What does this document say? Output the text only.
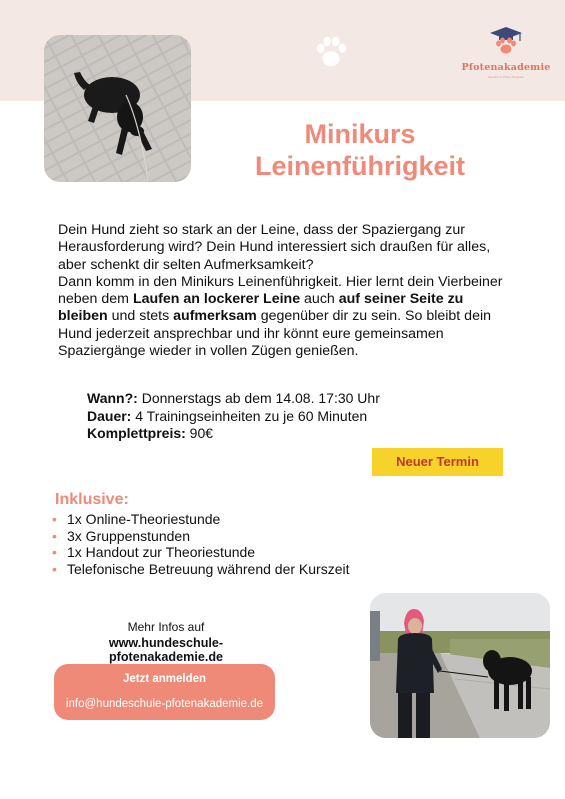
Pfotenakademie
Schulen in Pfoten Begleiter
Minikurs
Leinenführigkeit

Dein Hund zieht so stark an der Leine, dass der Spaziergang zur Herausforderung wird? Dein Hund interessiert sich draußen für alles, aber schenkt dir selten Aufmerksamkeit?

Dann komm in den Minikurs Leinenführigkeit. Hier lernt dein Vierbeiner neben dem Laufen an lockerer Leine auch auf seiner Seite zu bleiben und stets aufmerksam gegenüber dir zu sein. So bleibt dein Hund jederzeit ansprechbar und ihr könnt eure gemeinsamen Spaziergänge wieder in vollen Zügen genießen.

Wann?: Donnerstags ab dem 14.08. 17:30 Uhr
Dauer: 4 Trainingseinheiten zu je 60 Minuten
Komplettpreis: 90€
Neuer Termin
Inklusive:
• 1x Online-Theoriestunde
• 3x Gruppenstunden
• 1x Handout zur Theoriestunde
• Telefonische Betreuung während der Kurszeit
Mehr Infos auf
www.hundeschule-pfotenakademie.de
Jetzt anmelden
info@hundeschule-pfotenakademie.de
